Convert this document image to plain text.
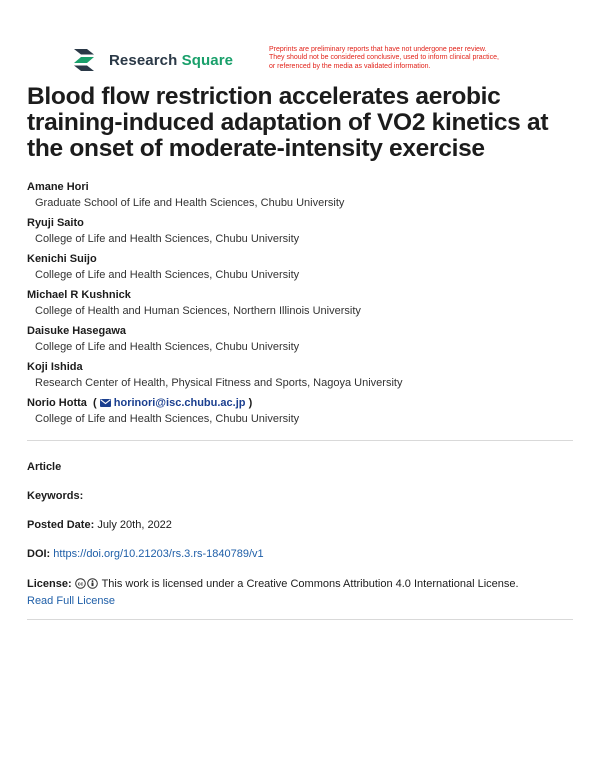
Research Square
Preprints are preliminary reports that have not undergone peer review.
They should not be considered conclusive, used to inform clinical practice,
or referenced by the media as validated information.
Blood flow restriction accelerates aerobic training-induced adaptation of VO2 kinetics at the onset of moderate-intensity exercise
Amane Hori
Graduate School of Life and Health Sciences, Chubu University
Ryuji Saito
College of Life and Health Sciences, Chubu University
Kenichi Suijo
College of Life and Health Sciences, Chubu University
Michael R Kushnick
College of Health and Human Sciences, Northern Illinois University
Daisuke Hasegawa
College of Life and Health Sciences, Chubu University
Koji Ishida
Research Center of Health, Physical Fitness and Sports, Nagoya University
Norio Hotta  ( horinori@isc.chubu.ac.jp )
College of Life and Health Sciences, Chubu University
Article
Keywords:
Posted Date: July 20th, 2022
DOI: https://doi.org/10.21203/rs.3.rs-1840789/v1
License: cc This work is licensed under a Creative Commons Attribution 4.0 International License.
Read Full License
